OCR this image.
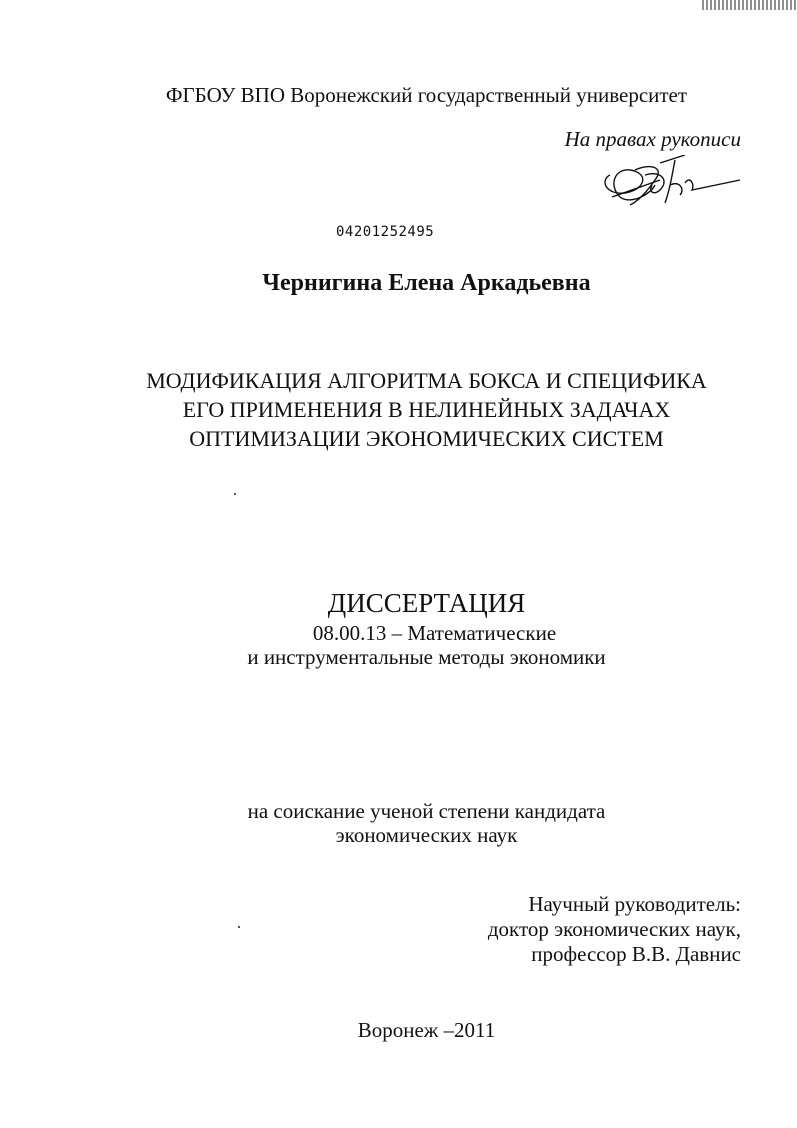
ФГБОУ ВПО Воронежский государственный университет
На правах рукописи
04201252495
Чернигина Елена Аркадьевна
МОДИФИКАЦИЯ АЛГОРИТМА БОКСА И СПЕЦИФИКА
ЕГО ПРИМЕНЕНИЯ В НЕЛИНЕЙНЫХ ЗАДАЧАХ
ОПТИМИЗАЦИИ ЭКОНОМИЧЕСКИХ СИСТЕМ
ДИССЕРТАЦИЯ
08.00.13 – Математические
и инструментальные методы экономики
на соискание ученой степени кандидата
экономических наук
Научный руководитель:
доктор экономических наук,
профессор В.В. Давнис
Воронеж –2011
